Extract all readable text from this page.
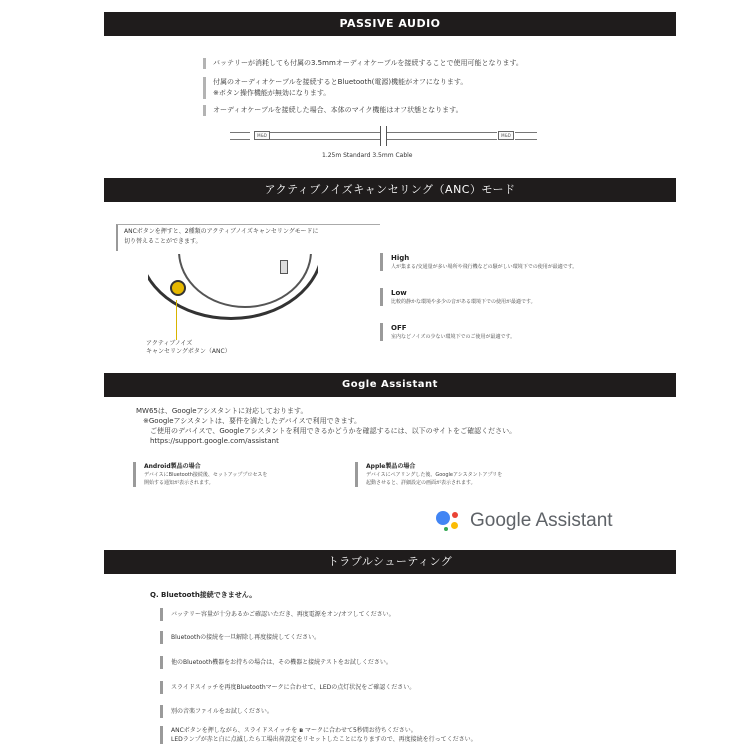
PASSIVE AUDIO
バッテリーが消耗しても付属の3.5mmオーディオケーブルを接続することで使用可能となります。
付属のオーディオケーブルを接続するとBluetooth(電源)機能がオフになります。
※ボタン操作機能が無効になります。
オーディオケーブルを接続した場合、本体のマイク機能はオフ状態となります。
M&D	M&D
1.25m Standard 3.5mm Cable
アクティブノイズキャンセリング（ANC）モード
ANCボタンを押すと、2種類のアクティブノイズキャンセリングモードに
切り替えることができます。
アクティブノイズ
キャンセリングボタン（ANC）
High
人が集まる/交通量が多い場所や飛行機などの騒がしい環境下での使用が最適です。
Low
比較的静かな環境や多少の音がある環境下での使用が最適です。
OFF
室内などノイズの少ない環境下でのご使用が最適です。
Gogle Assistant
MW65は、Googleアシスタントに対応しております。
※Googleアシスタントは、要件を満たしたデバイスで利用できます。
ご使用のデバイスで、Googleアシスタントを利用できるかどうかを確認するには、以下のサイトをご確認ください。
https://support.google.com/assistant
Android製品の場合
デバイスにBluetooth接続後、セットアッププロセスを
開始する通知が表示されます。
Apple製品の場合
デバイスにペアリングした後、Googleアシスタントアプリを
起動させると、詳細設定の画面が表示されます。
Google Assistant
トラブルシューティング
Q. Bluetooth接続できません。
バッテリー容量が十分あるかご確認いただき、再度電源をオン/オフしてください。
Bluetoothの接続を一旦解除し再度接続してください。
他のBluetooth機器をお持ちの場合は、その機器と接続テストをお試しください。
スライドスイッチを再度Bluetoothマークに合わせて、LEDの点灯状況をご確認ください。
別の音楽ファイルをお試しください。
ANCボタンを押しながら、スライドスイッチを ʙ マークに合わせて5秒間お待ちください。
LEDランプが赤と白に点滅したら工場出荷設定をリセットしたことになりますので、再度接続を行ってください。
